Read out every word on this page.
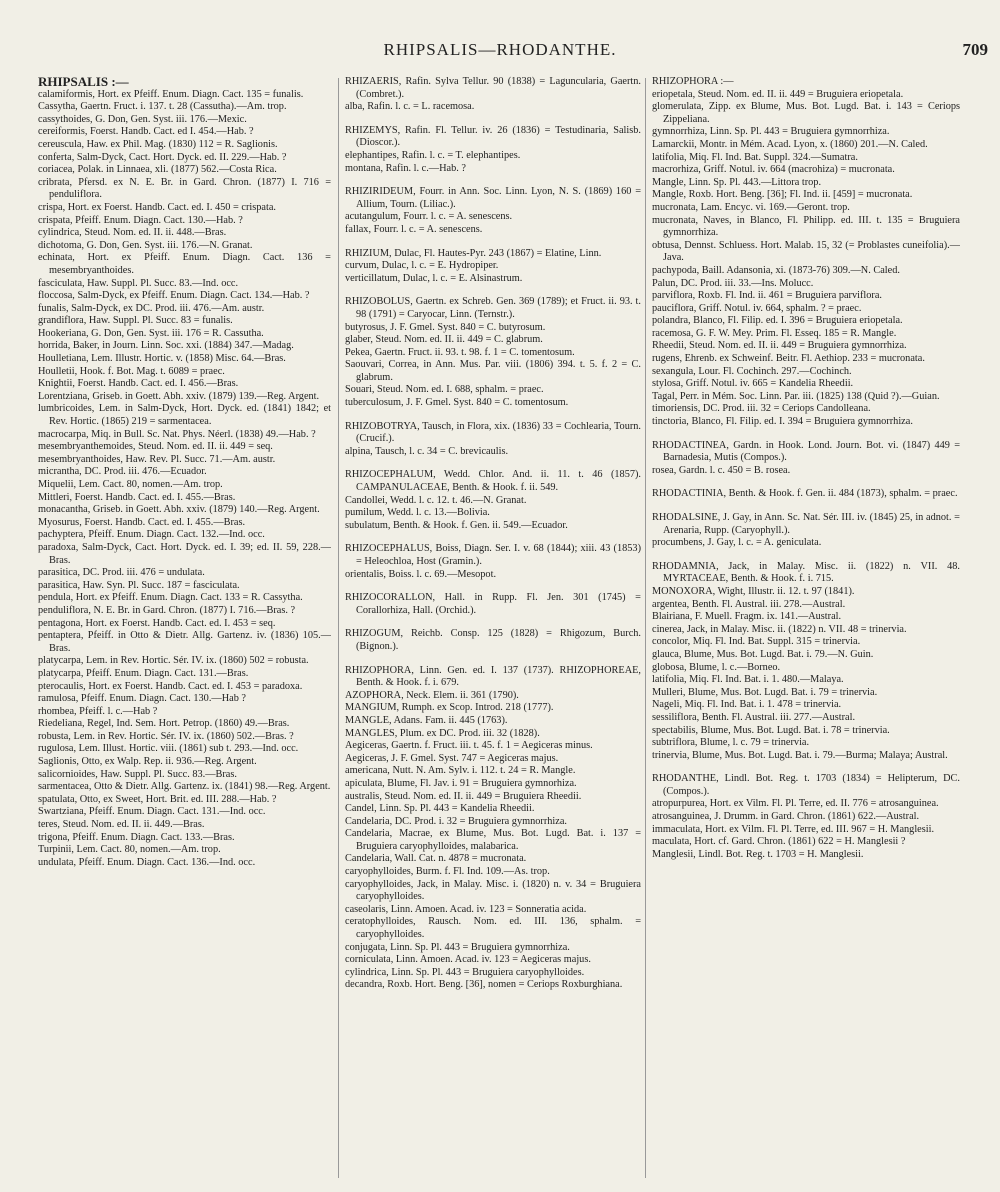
RHIPSALIS—RHODANTHE.	709
RHIPSALIS :—

calamiformis, Hort. ex Pfeiff. Enum. Diagn. Cact. 135 = funalis.

Cassytha, Gaertn. Fruct. i. 137. t. 28 (Cassutha).—Am. trop.

cassythoides, G. Don, Gen. Syst. iii. 176.—Mexic.

cereiformis, Foerst. Handb. Cact. ed I. 454.—Hab. ?

cereuscula, Haw. ex Phil. Mag. (1830) 112 = R. Saglionis.

conferta, Salm-Dyck, Cact. Hort. Dyck. ed. II. 229.—Hab. ?

coriacea, Polak. in Linnaea, xli. (1877) 562.—Costa Rica.

cribrata, Pfersd. ex N. E. Br. in Gard. Chron. (1877) I. 716 = penduliflora.

crispa, Hort. ex Foerst. Handb. Cact. ed. I. 450 = crispata.

crispata, Pfeiff. Enum. Diagn. Cact. 130.—Hab. ?

cylindrica, Steud. Nom. ed. II. ii. 448.—Bras.

dichotoma, G. Don, Gen. Syst. iii. 176.—N. Granat.

echinata, Hort. ex Pfeiff. Enum. Diagn. Cact. 136 = mesembryanthoides.

fasciculata, Haw. Suppl. Pl. Succ. 83.—Ind. occ.

floccosa, Salm-Dyck, ex Pfeiff. Enum. Diagn. Cact. 134.—Hab. ?

funalis, Salm-Dyck, ex DC. Prod. iii. 476.—Am. austr.

grandiflora, Haw. Suppl. Pl. Succ. 83 = funalis.

Hookeriana, G. Don, Gen. Syst. iii. 176 = R. Cassutha.

horrida, Baker, in Journ. Linn. Soc. xxi. (1884) 347.—Madag.

Houlletiana, Lem. Illustr. Hortic. v. (1858) Misc. 64.—Bras.

Houlletii, Hook. f. Bot. Mag. t. 6089 = praec.

Knightii, Foerst. Handb. Cact. ed. I. 456.—Bras.

Lorentziana, Griseb. in Goett. Abh. xxiv. (1879) 139.—Reg. Argent.

lumbricoides, Lem. in Salm-Dyck, Hort. Dyck. ed. (1841) 1842; et Rev. Hortic. (1865) 219 = sarmentacea.

macrocarpa, Miq. in Bull. Sc. Nat. Phys. Néerl. (1838) 49.—Hab. ?

mesembryanthemoides, Steud. Nom. ed. II. ii. 449 = seq.

mesembryanthoides, Haw. Rev. Pl. Succ. 71.—Am. austr.

micrantha, DC. Prod. iii. 476.—Ecuador.

Miquelii, Lem. Cact. 80, nomen.—Am. trop.

Mittleri, Foerst. Handb. Cact. ed. I. 455.—Bras.

monacantha, Griseb. in Goett. Abh. xxiv. (1879) 140.—Reg. Argent.

Myosurus, Foerst. Handb. Cact. ed. I. 455.—Bras.

pachyptera, Pfeiff. Enum. Diagn. Cact. 132.—Ind. occ.

paradoxa, Salm-Dyck, Cact. Hort. Dyck. ed. I. 39; ed. II. 59, 228.—Bras.

parasitica, DC. Prod. iii. 476 = undulata.

parasitica, Haw. Syn. Pl. Succ. 187 = fasciculata.

pendula, Hort. ex Pfeiff. Enum. Diagn. Cact. 133 = R. Cassytha.

penduliflora, N. E. Br. in Gard. Chron. (1877) I. 716.—Bras. ?

pentagona, Hort. ex Foerst. Handb. Cact. ed. I. 453 = seq.

pentaptera, Pfeiff. in Otto & Dietr. Allg. Gartenz. iv. (1836) 105.—Bras.

platycarpa, Lem. in Rev. Hortic. Sér. IV. ix. (1860) 502 = robusta.

platycarpa, Pfeiff. Enum. Diagn. Cact. 131.—Bras.

pterocaulis, Hort. ex Foerst. Handb. Cact. ed. I. 453 = paradoxa.

ramulosa, Pfeiff. Enum. Diagn. Cact. 130.—Hab ?

rhombea, Pfeiff. l. c.—Hab ?

Riedeliana, Regel, Ind. Sem. Hort. Petrop. (1860) 49.—Bras.

robusta, Lem. in Rev. Hortic. Sér. IV. ix. (1860) 502.—Bras. ?

rugulosa, Lem. Illust. Hortic. viii. (1861) sub t. 293.—Ind. occ.

Saglionis, Otto, ex Walp. Rep. ii. 936.—Reg. Argent.

salicornioides, Haw. Suppl. Pl. Succ. 83.—Bras.

sarmentacea, Otto & Dietr. Allg. Gartenz. ix. (1841) 98.—Reg. Argent.

spatulata, Otto, ex Sweet, Hort. Brit. ed. III. 288.—Hab. ?

Swartziana, Pfeiff. Enum. Diagn. Cact. 131.—Ind. occ.

teres, Steud. Nom. ed. II. ii. 449.—Bras.

trigona, Pfeiff. Enum. Diagn. Cact. 133.—Bras.

Turpinii, Lem. Cact. 80, nomen.—Am. trop.

undulata, Pfeiff. Enum. Diagn. Cact. 136.—Ind. occ.

RHIZAERIS, Rafin. Sylva Tellur. 90 (1838) = Laguncularia, Gaertn. (Combret.).

alba, Rafin. l. c. = L. racemosa.

RHIZEMYS, Rafin. Fl. Tellur. iv. 26 (1836) = Testudinaria, Salisb. (Dioscor.).

elephantipes, Rafin. l. c. = T. elephantipes.

montana, Rafin. l. c.—Hab. ?

RHIZIRIDEUM, Fourr. in Ann. Soc. Linn. Lyon, N. S. (1869) 160 = Allium, Tourn. (Liliac.).

acutangulum, Fourr. l. c. = A. senescens.

fallax, Fourr. l. c. = A. senescens.

RHIZIUM, Dulac, Fl. Hautes-Pyr. 243 (1867) = Elatine, Linn.

curvum, Dulac, l. c. = E. Hydropiper.

verticillatum, Dulac, l. c. = E. Alsinastrum.

RHIZOBOLUS, Gaertn. ex Schreb. Gen. 369 (1789); et Fruct. ii. 93. t. 98 (1791) = Caryocar, Linn. (Ternstr.).

butyrosus, J. F. Gmel. Syst. 840 = C. butyrosum.

glaber, Steud. Nom. ed. II. ii. 449 = C. glabrum.

Pekea, Gaertn. Fruct. ii. 93. t. 98. f. 1 = C. tomentosum.

Saouvari, Correa, in Ann. Mus. Par. viii. (1806) 394. t. 5. f. 2 = C. glabrum.

Souari, Steud. Nom. ed. I. 688, sphalm. = praec.

tuberculosum, J. F. Gmel. Syst. 840 = C. tomentosum.

RHIZOBOTRYA, Tausch, in Flora, xix. (1836) 33 = Cochlearia, Tourn. (Crucif.).

alpina, Tausch, l. c. 34 = C. brevicaulis.

RHIZOCEPHALUM, Wedd. Chlor. And. ii. 11. t. 46 (1857). CAMPANULACEAE, Benth. & Hook. f. ii. 549.

Candollei, Wedd. l. c. 12. t. 46.—N. Granat.

pumilum, Wedd. l. c. 13.—Bolivia.

subulatum, Benth. & Hook. f. Gen. ii. 549.—Ecuador.

RHIZOCEPHALUS, Boiss, Diagn. Ser. I. v. 68 (1844); xiii. 43 (1853) = Heleochloa, Host (Gramin.).

orientalis, Boiss. l. c. 69.—Mesopot.

RHIZOCORALLON, Hall. in Rupp. Fl. Jen. 301 (1745) = Corallorhiza, Hall. (Orchid.).

RHIZOGUM, Reichb. Consp. 125 (1828) = Rhigozum, Burch. (Bignon.).

RHIZOPHORA, Linn. Gen. ed. I. 137 (1737). RHIZOPHOREAE, Benth. & Hook. f. i. 679.

AZOPHORA, Neck. Elem. ii. 361 (1790).

MANGIUM, Rumph. ex Scop. Introd. 218 (1777).

MANGLE, Adans. Fam. ii. 445 (1763).

MANGLES, Plum. ex DC. Prod. iii. 32 (1828).

Aegiceras, Gaertn. f. Fruct. iii. t. 45. f. 1 = Aegiceras minus.

Aegiceras, J. F. Gmel. Syst. 747 = Aegiceras majus.

americana, Nutt. N. Am. Sylv. i. 112. t. 24 = R. Mangle.

apiculata, Blume, Fl. Jav. i. 91 = Bruguiera gymnorhiza.

australis, Steud. Nom. ed. II. ii. 449 = Bruguiera Rheedii.

Candel, Linn. Sp. Pl. 443 = Kandelia Rheedii.

Candelaria, DC. Prod. i. 32 = Bruguiera gymnorrhiza.

Candelaria, Macrae, ex Blume, Mus. Bot. Lugd. Bat. i. 137 = Bruguiera caryophylloides, malabarica.

Candelaria, Wall. Cat. n. 4878 = mucronata.

caryophylloides, Burm. f. Fl. Ind. 109.—As. trop.

caryophylloides, Jack, in Malay. Misc. i. (1820) n. v. 34 = Bruguiera caryophylloides.

caseolaris, Linn. Amoen. Acad. iv. 123 = Sonneratia acida.

ceratophylloides, Rausch. Nom. ed. III. 136, sphalm. = caryophylloides.

conjugata, Linn. Sp. Pl. 443 = Bruguiera gymnorrhiza.

corniculata, Linn. Amoen. Acad. iv. 123 = Aegiceras majus.

cylindrica, Linn. Sp. Pl. 443 = Bruguiera caryophylloides.

decandra, Roxb. Hort. Beng. [36], nomen = Ceriops Roxburghiana.

RHIZOPHORA :—

eriopetala, Steud. Nom. ed. II. ii. 449 = Bruguiera eriopetala.

glomerulata, Zipp. ex Blume, Mus. Bot. Lugd. Bat. i. 143 = Ceriops Zippeliana.

gymnorrhiza, Linn. Sp. Pl. 443 = Bruguiera gymnorrhiza.

Lamarckii, Montr. in Mém. Acad. Lyon, x. (1860) 201.—N. Caled.

latifolia, Miq. Fl. Ind. Bat. Suppl. 324.—Sumatra.

macrorhiza, Griff. Notul. iv. 664 (macrohiza) = mucronata.

Mangle, Linn. Sp. Pl. 443.—Littora trop.

Mangle, Roxb. Hort. Beng. [36]; Fl. Ind. ii. [459] = mucronata.

mucronata, Lam. Encyc. vi. 169.—Geront. trop.

mucronata, Naves, in Blanco, Fl. Philipp. ed. III. t. 135 = Bruguiera gymnorrhiza.

obtusa, Dennst. Schluess. Hort. Malab. 15, 32 (= Problastes cuneifolia).—Java.

pachypoda, Baill. Adansonia, xi. (1873-76) 309.—N. Caled.

Palun, DC. Prod. iii. 33.—Ins. Molucc.

parviflora, Roxb. Fl. Ind. ii. 461 = Bruguiera parviflora.

pauciflora, Griff. Notul. iv. 664, sphalm. ? = praec.

polandra, Blanco, Fl. Filip. ed. I. 396 = Bruguiera eriopetala.

racemosa, G. F. W. Mey. Prim. Fl. Esseq. 185 = R. Mangle.

Rheedii, Steud. Nom. ed. II. ii. 449 = Bruguiera gymnorrhiza.

rugens, Ehrenb. ex Schweinf. Beitr. Fl. Aethiop. 233 = mucronata.

sexangula, Lour. Fl. Cochinch. 297.—Cochinch.

stylosa, Griff. Notul. iv. 665 = Kandelia Rheedii.

Tagal, Perr. in Mém. Soc. Linn. Par. iii. (1825) 138 (Quid ?).—Guian.

timoriensis, DC. Prod. iii. 32 = Ceriops Candolleana.

tinctoria, Blanco, Fl. Filip. ed. I. 394 = Bruguiera gymnorrhiza.

RHODACTINEA, Gardn. in Hook. Lond. Journ. Bot. vi. (1847) 449 = Barnadesia, Mutis (Compos.).

rosea, Gardn. l. c. 450 = B. rosea.

RHODACTINIA, Benth. & Hook. f. Gen. ii. 484 (1873), sphalm. = praec.

RHODALSINE, J. Gay, in Ann. Sc. Nat. Sér. III. iv. (1845) 25, in adnot. = Arenaria, Rupp. (Caryophyll.).

procumbens, J. Gay, l. c. = A. geniculata.

RHODAMNIA, Jack, in Malay. Misc. ii. (1822) n. VII. 48. MYRTACEAE, Benth. & Hook. f. i. 715.

MONOXORA, Wight, Illustr. ii. 12. t. 97 (1841).

argentea, Benth. Fl. Austral. iii. 278.—Austral.

Blairiana, F. Muell. Fragm. ix. 141.—Austral.

cinerea, Jack, in Malay. Misc. ii. (1822) n. VII. 48 = trinervia.

concolor, Miq. Fl. Ind. Bat. Suppl. 315 = trinervia.

glauca, Blume, Mus. Bot. Lugd. Bat. i. 79.—N. Guin.

globosa, Blume, l. c.—Borneo.

latifolia, Miq. Fl. Ind. Bat. i. 1. 480.—Malaya.

Mulleri, Blume, Mus. Bot. Lugd. Bat. i. 79 = trinervia.

Nageli, Miq. Fl. Ind. Bat. i. 1. 478 = trinervia.

sessiliflora, Benth. Fl. Austral. iii. 277.—Austral.

spectabilis, Blume, Mus. Bot. Lugd. Bat. i. 78 = trinervia.

subtriflora, Blume, l. c. 79 = trinervia.

trinervia, Blume, Mus. Bot. Lugd. Bat. i. 79.—Burma; Malaya; Austral.

RHODANTHE, Lindl. Bot. Reg. t. 1703 (1834) = Helipterum, DC. (Compos.).

atropurpurea, Hort. ex Vilm. Fl. Pl. Terre, ed. II. 776 = atrosanguinea.

atrosanguinea, J. Drumm. in Gard. Chron. (1861) 622.—Austral.

immaculata, Hort. ex Vilm. Fl. Pl. Terre, ed. III. 967 = H. Manglesii.

maculata, Hort. cf. Gard. Chron. (1861) 622 = H. Manglesii ?

Manglesii, Lindl. Bot. Reg. t. 1703 = H. Manglesii.
